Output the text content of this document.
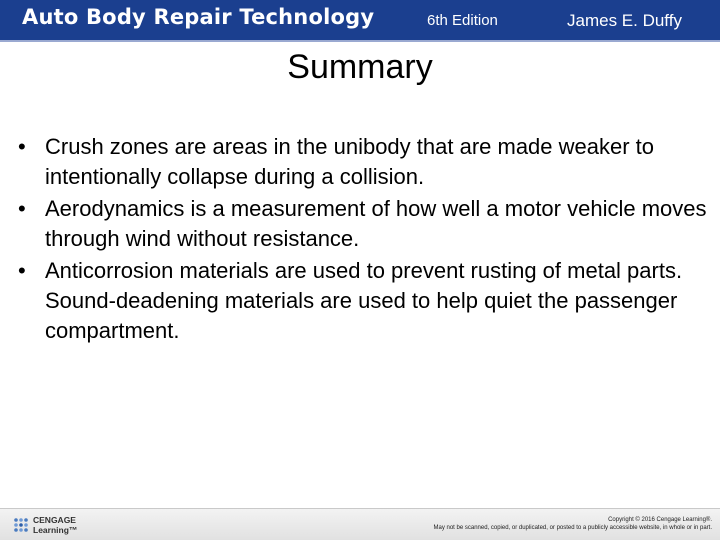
Auto Body Repair Technology	6th Edition	James E. Duffy
Summary
• Crush zones are areas in the unibody that are made weaker to intentionally collapse during a collision.
• Aerodynamics is a measurement of how well a motor vehicle moves through wind without resistance.
• Anticorrosion materials are used to prevent rusting of metal parts. Sound-deadening materials are used to help quiet the passenger compartment.
CENGAGE
Learning™
Copyright © 2016 Cengage Learning®.
May not be scanned, copied, or duplicated, or posted to a publicly accessible website, in whole or in part.
